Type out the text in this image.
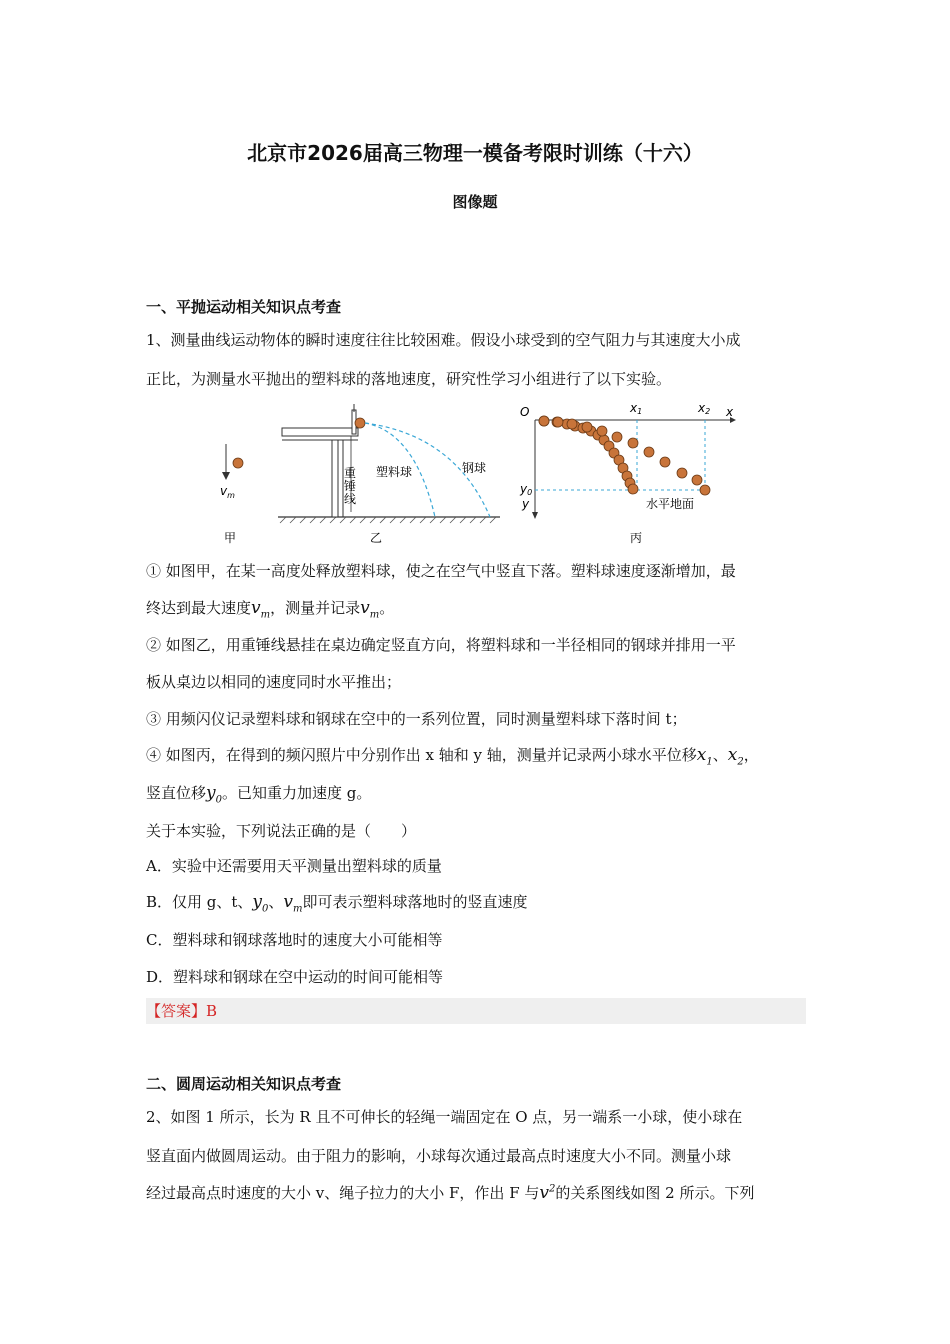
北京市2026届高三物理一模备考限时训练（十六）
图像题
一、平抛运动相关知识点考查
1、测量曲线运动物体的瞬时速度往往比较困难。假设小球受到的空气阻力与其速度大小成
正比，为测量水平抛出的塑料球的落地速度，研究性学习小组进行了以下实验。
$v_m$
甲
重锤线
塑料球	钢球
乙
O	x
y
x1	x2
y0
水平地面
丙
① 如图甲，在某一高度处释放塑料球，使之在空气中竖直下落。塑料球速度逐渐增加，最
终达到最大速度$v_m$，测量并记录$v_m$。
② 如图乙，用重锤线悬挂在桌边确定竖直方向，将塑料球和一半径相同的钢球并排用一平
板从桌边以相同的速度同时水平推出；
③ 用频闪仪记录塑料球和钢球在空中的一系列位置，同时测量塑料球下落时间 t；
④ 如图丙，在得到的频闪照片中分别作出 x 轴和 y 轴，测量并记录两小球水平位移$x_1$、$x_2$，
竖直位移$y_0$。已知重力加速度 g。
关于本实验，下列说法正确的是（　　）
A．实验中还需要用天平测量出塑料球的质量
B．仅用 g、t、$y_0$、$v_m$即可表示塑料球落地时的竖直速度
C．塑料球和钢球落地时的速度大小可能相等
D．塑料球和钢球在空中运动的时间可能相等
【答案】B
二、圆周运动相关知识点考查
2、如图 1 所示，长为 R 且不可伸长的轻绳一端固定在 O 点，另一端系一小球，使小球在
竖直面内做圆周运动。由于阻力的影响，小球每次通过最高点时速度大小不同。测量小球
经过最高点时速度的大小 v、绳子拉力的大小 F，作出 F 与$v^2$的关系图线如图 2 所示。下列
